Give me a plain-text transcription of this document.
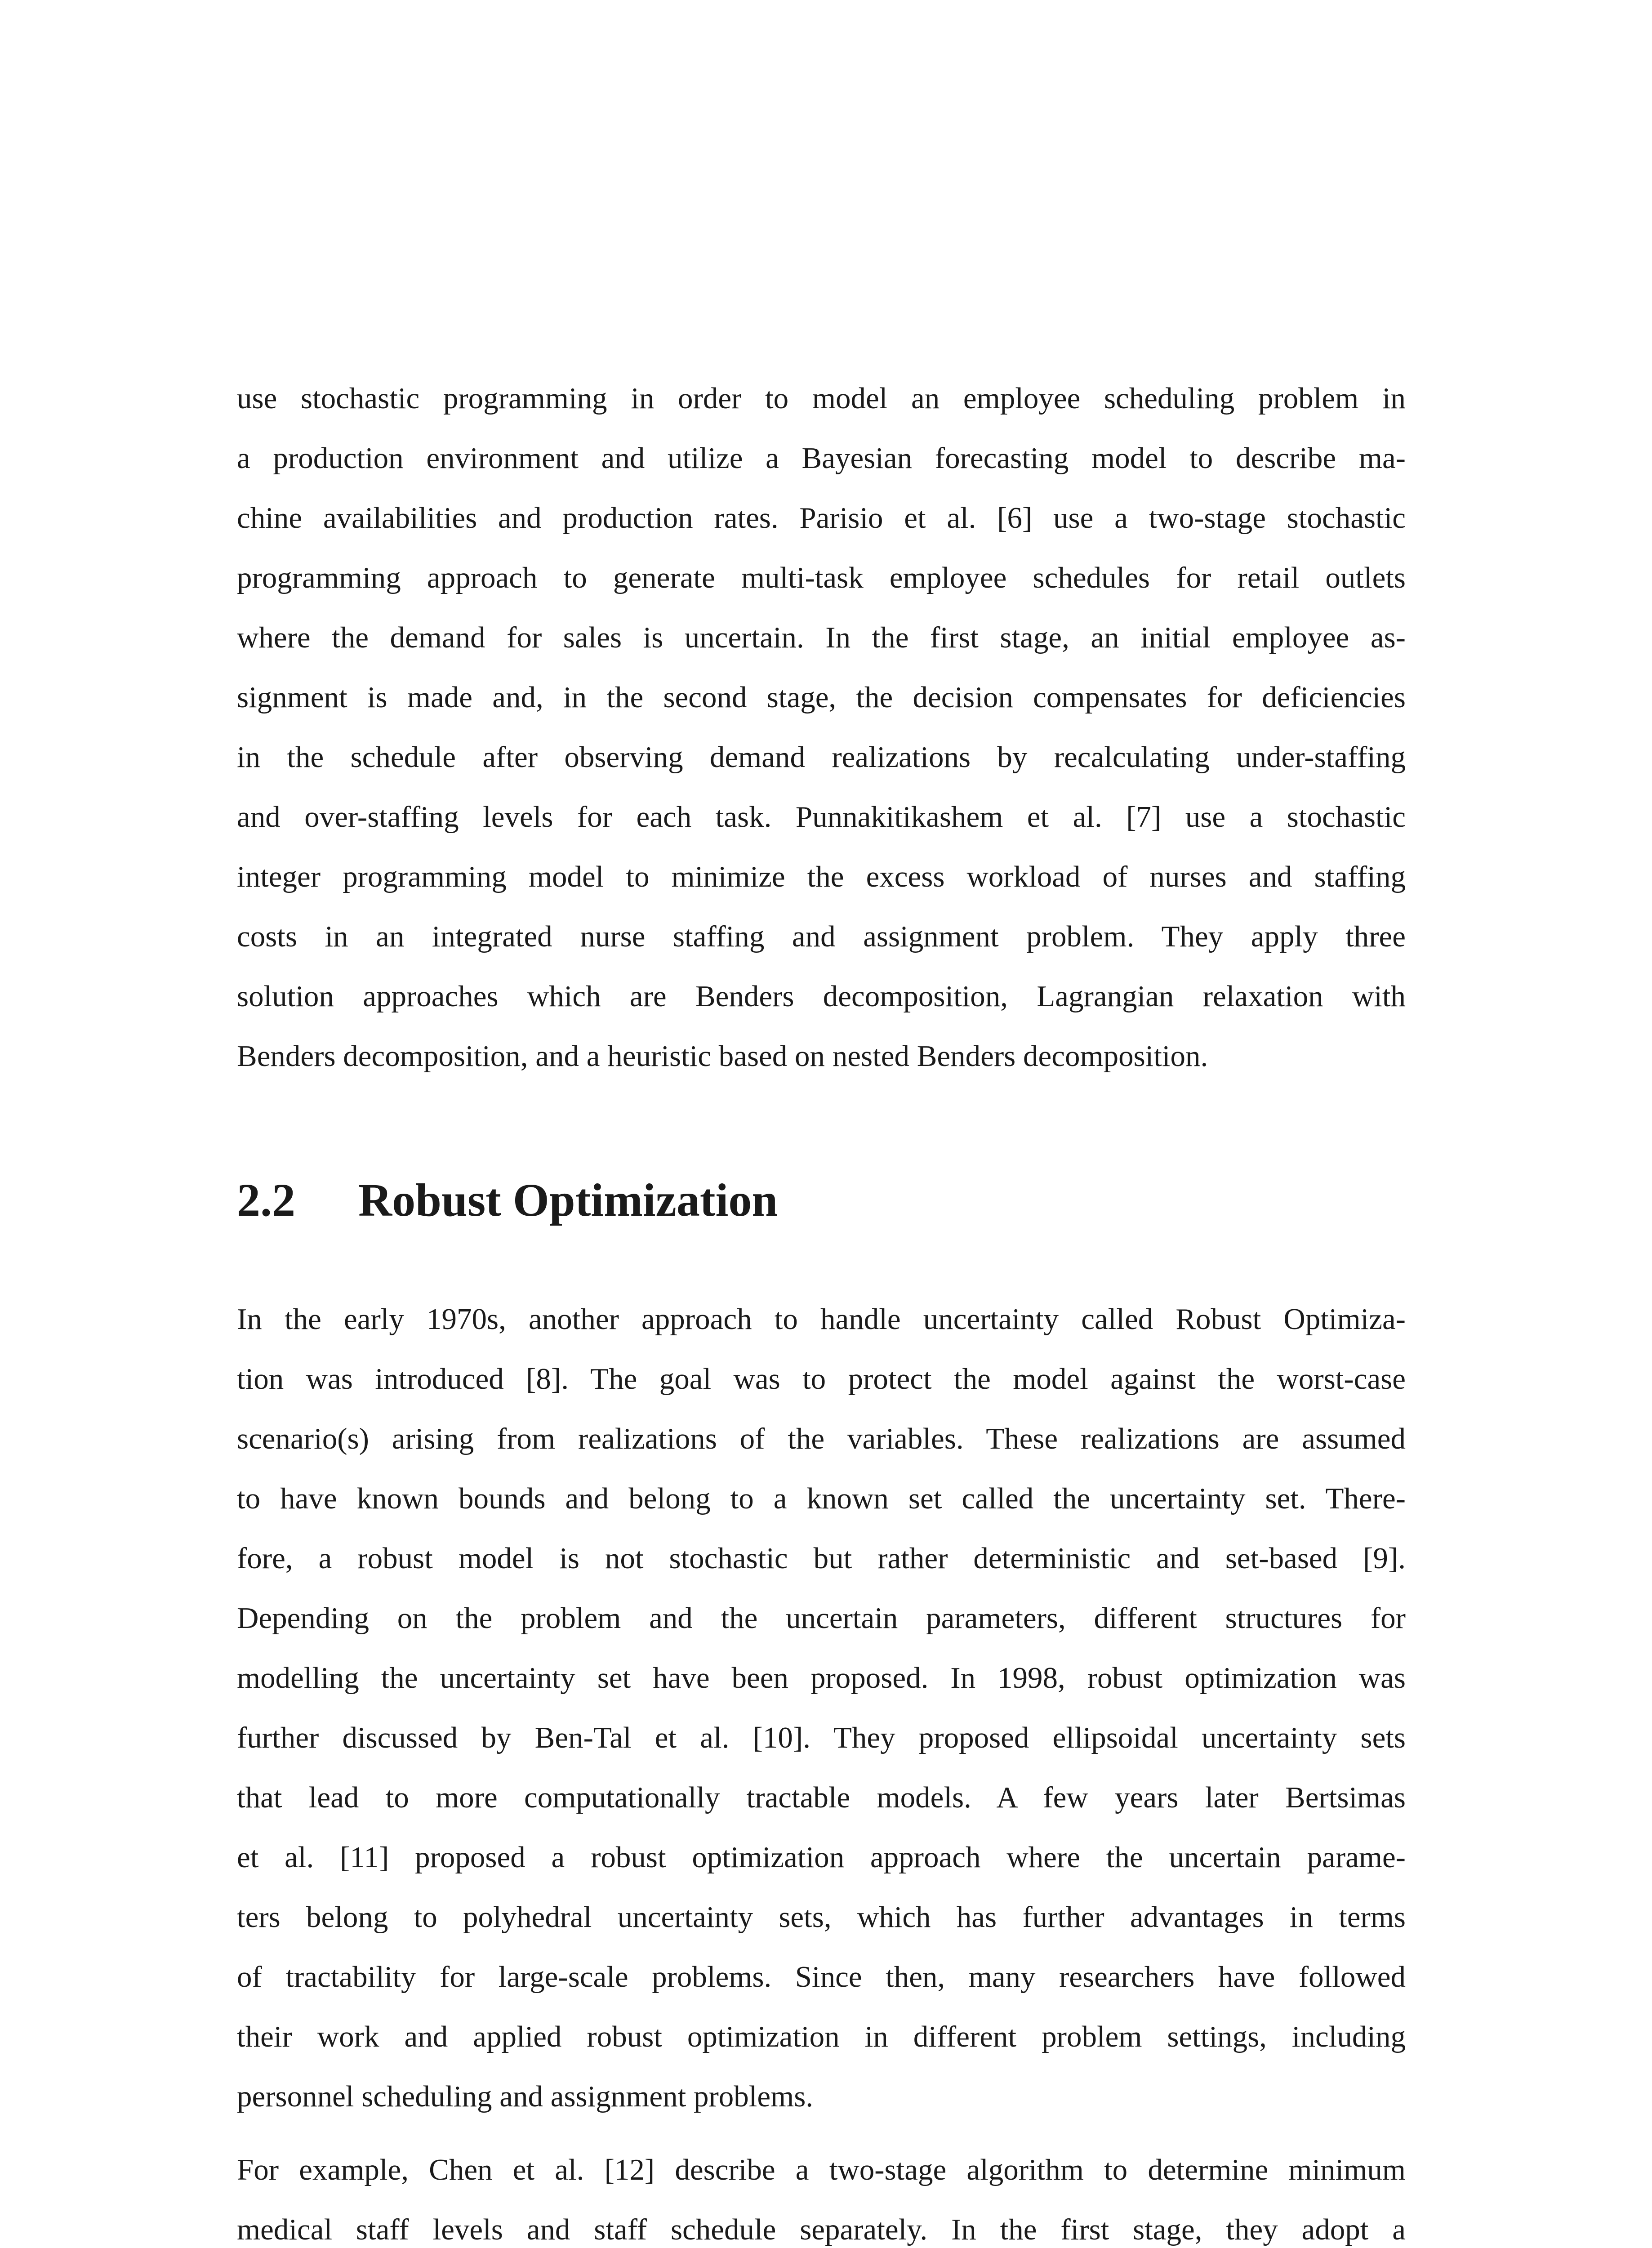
use stochastic programming in order to model an employee scheduling problem in
a production environment and utilize a Bayesian forecasting model to describe ma-
chine availabilities and production rates. Parisio et al. [6] use a two-stage stochastic
programming approach to generate multi-task employee schedules for retail outlets
where the demand for sales is uncertain. In the first stage, an initial employee as-
signment is made and, in the second stage, the decision compensates for deficiencies
in the schedule after observing demand realizations by recalculating under-staffing
and over-staffing levels for each task. Punnakitikashem et al. [7] use a stochastic
integer programming model to minimize the excess workload of nurses and staffing
costs in an integrated nurse staffing and assignment problem. They apply three
solution approaches which are Benders decomposition, Lagrangian relaxation with
Benders decomposition, and a heuristic based on nested Benders decomposition.
2.2 Robust Optimization
In the early 1970s, another approach to handle uncertainty called Robust Optimiza-
tion was introduced [8]. The goal was to protect the model against the worst-case
scenario(s) arising from realizations of the variables. These realizations are assumed
to have known bounds and belong to a known set called the uncertainty set. There-
fore, a robust model is not stochastic but rather deterministic and set-based [9].
Depending on the problem and the uncertain parameters, different structures for
modelling the uncertainty set have been proposed. In 1998, robust optimization was
further discussed by Ben-Tal et al. [10]. They proposed ellipsoidal uncertainty sets
that lead to more computationally tractable models. A few years later Bertsimas
et al. [11] proposed a robust optimization approach where the uncertain parame-
ters belong to polyhedral uncertainty sets, which has further advantages in terms
of tractability for large-scale problems. Since then, many researchers have followed
their work and applied robust optimization in different problem settings, including
personnel scheduling and assignment problems.
For example, Chen et al. [12] describe a two-stage algorithm to determine minimum
medical staff levels and staff schedule separately. In the first stage, they adopt a
